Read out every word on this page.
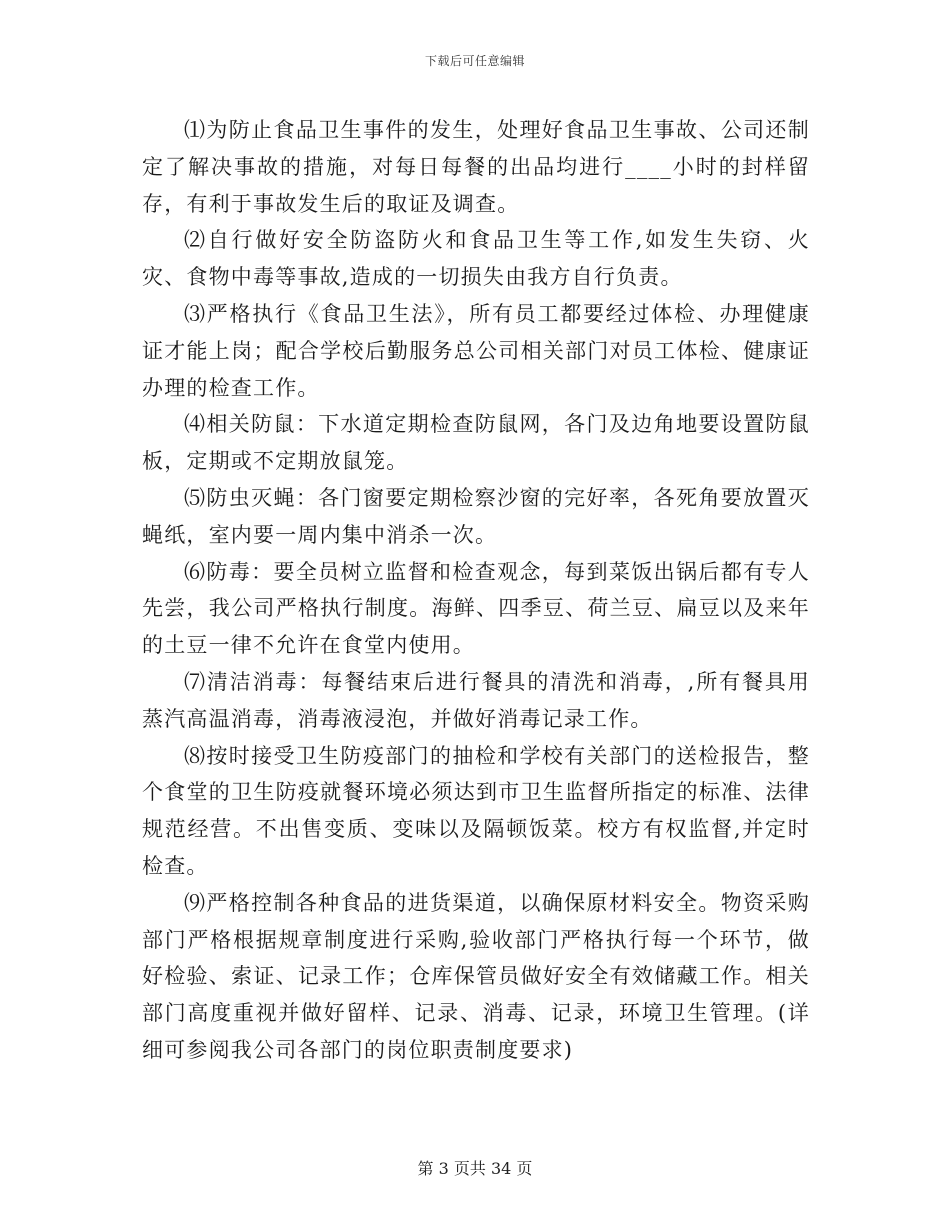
下载后可任意编辑

⑴为防止食品卫生事件的发生，处理好食品卫生事故、公司还制定了解决事故的措施，对每日每餐的出品均进行____小时的封样留存，有利于事故发生后的取证及调查。

⑵自行做好安全防盗防火和食品卫生等工作,如发生失窃、火灾、食物中毒等事故,造成的一切损失由我方自行负责。

⑶严格执行《食品卫生法》，所有员工都要经过体检、办理健康证才能上岗；配合学校后勤服务总公司相关部门对员工体检、健康证办理的检查工作。

⑷相关防鼠：下水道定期检查防鼠网，各门及边角地要设置防鼠板，定期或不定期放鼠笼。

⑸防虫灭蝇：各门窗要定期检察沙窗的完好率，各死角要放置灭蝇纸，室内要一周内集中消杀一次。

⑹防毒：要全员树立监督和检查观念，每到菜饭出锅后都有专人先尝，我公司严格执行制度。海鲜、四季豆、荷兰豆、扁豆以及来年的土豆一律不允许在食堂内使用。

⑺清洁消毒：每餐结束后进行餐具的清洗和消毒，,所有餐具用蒸汽高温消毒，消毒液浸泡，并做好消毒记录工作。

⑻按时接受卫生防疫部门的抽检和学校有关部门的送检报告，整个食堂的卫生防疫就餐环境必须达到市卫生监督所指定的标准、法律规范经营。不出售变质、变味以及隔顿饭菜。校方有权监督,并定时检查。

⑼严格控制各种食品的进货渠道，以确保原材料安全。物资采购部门严格根据规章制度进行采购,验收部门严格执行每一个环节，做好检验、索证、记录工作；仓库保管员做好安全有效储藏工作。相关部门高度重视并做好留样、记录、消毒、记录，环境卫生管理。(详细可参阅我公司各部门的岗位职责制度要求)

第 3 页共 34 页
